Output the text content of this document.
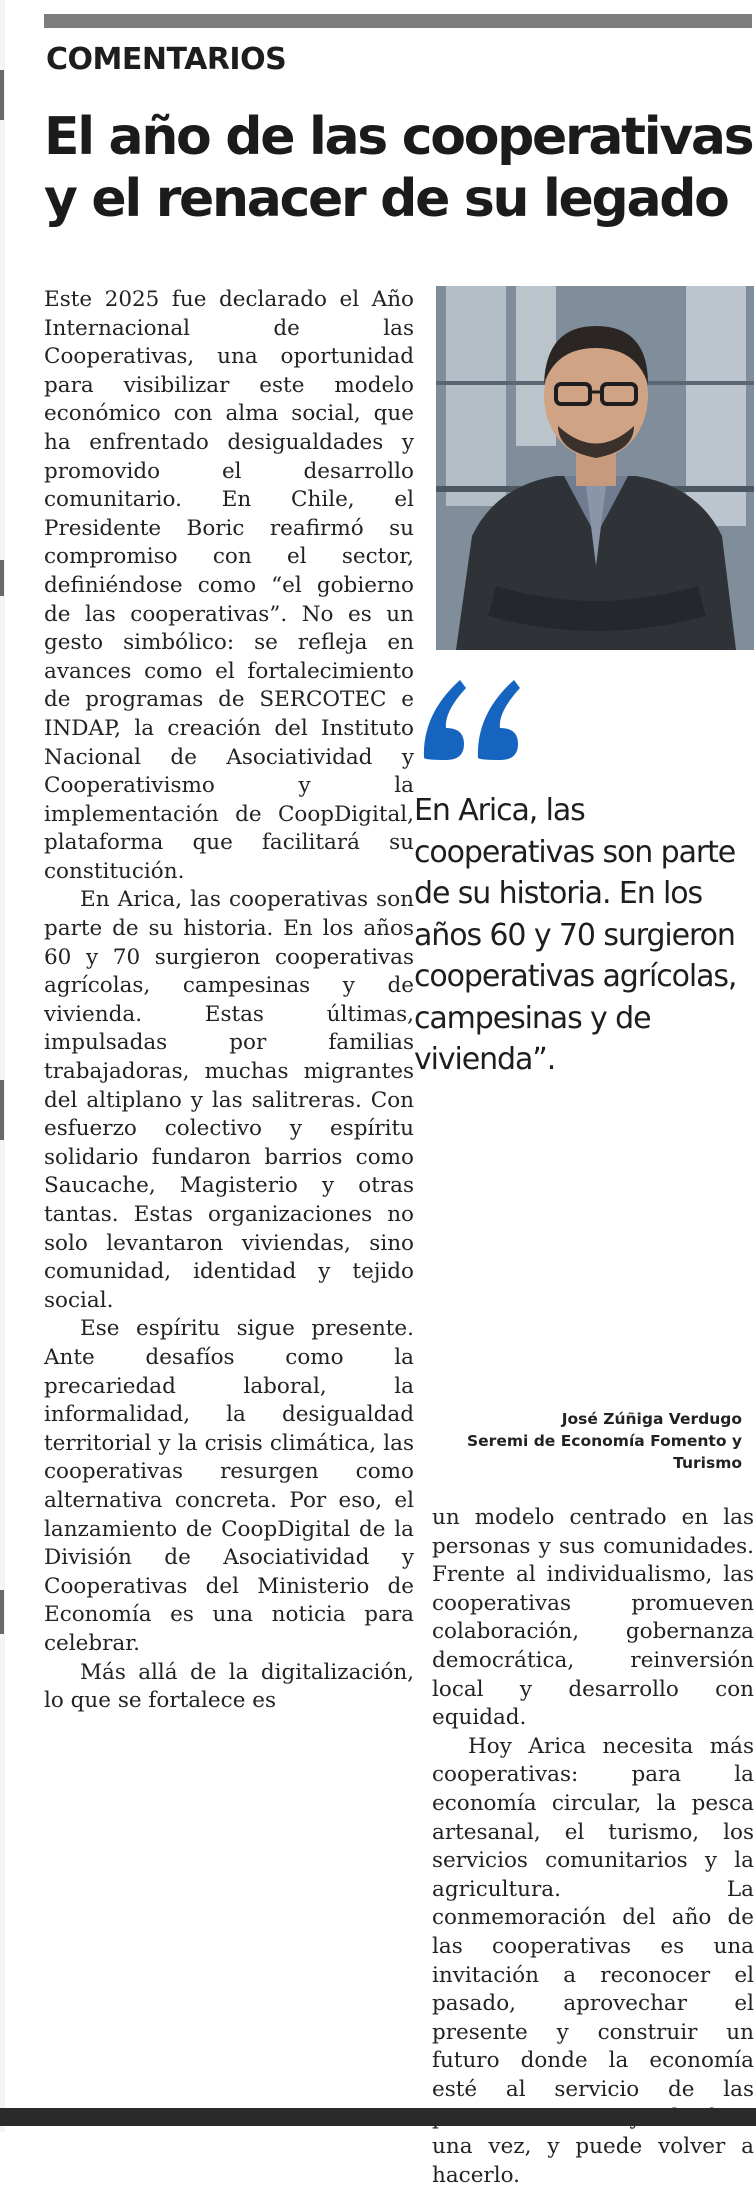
COMENTARIOS
El año de las cooperativas y el renacer de su legado

Este 2025 fue declarado el Año Internacional de las Cooperativas, una oportunidad para visibilizar este modelo económico con alma social, que ha enfrentado desigualdades y promovido el desarrollo comunitario. En Chile, el Presidente Boric reafirmó su compromiso con el sector, definiéndose como “el gobierno de las cooperativas”. No es un gesto simbólico: se refleja en avances como el fortalecimiento de programas de SERCOTEC e INDAP, la creación del Instituto Nacional de Asociatividad y Cooperativismo y la implementación de CoopDigital, plataforma que facilitará su constitución.

En Arica, las cooperativas son parte de su historia. En los años 60 y 70 surgieron cooperativas agrícolas, campesinas y de vivienda. Estas últimas, impulsadas por familias trabajadoras, muchas migrantes del altiplano y las salitreras. Con esfuerzo colectivo y espíritu solidario fundaron barrios como Saucache, Magisterio y otras tantas. Estas organizaciones no solo levantaron viviendas, sino comunidad, identidad y tejido social.

Ese espíritu sigue presente. Ante desafíos como la precariedad laboral, la informalidad, la desigualdad territorial y la crisis climática, las cooperativas resurgen como alternativa concreta. Por eso, el lanzamiento de CoopDigital de la División de Asociatividad y Cooperativas del Ministerio de Economía es una noticia para celebrar.

Más allá de la digitalización, lo que se fortalece es

En Arica, las cooperativas son parte de su historia. En los años 60 y 70 surgieron cooperativas agrícolas, campesinas y de vivienda”.

José Zúñiga Verdugo
Seremi de Economía Fomento y
Turismo

un modelo centrado en las personas y sus comunidades. Frente al individualismo, las cooperativas promueven colaboración, gobernanza democrática, reinversión local y desarrollo con equidad.

Hoy Arica necesita más cooperativas: para la economía circular, la pesca artesanal, el turismo, los servicios comunitarios y la agricultura. La conmemoración del año de las cooperativas es una invitación a reconocer el pasado, aprovechar el presente y construir un futuro donde la economía esté al servicio de las una vez, y puede volver a hacerlo.
